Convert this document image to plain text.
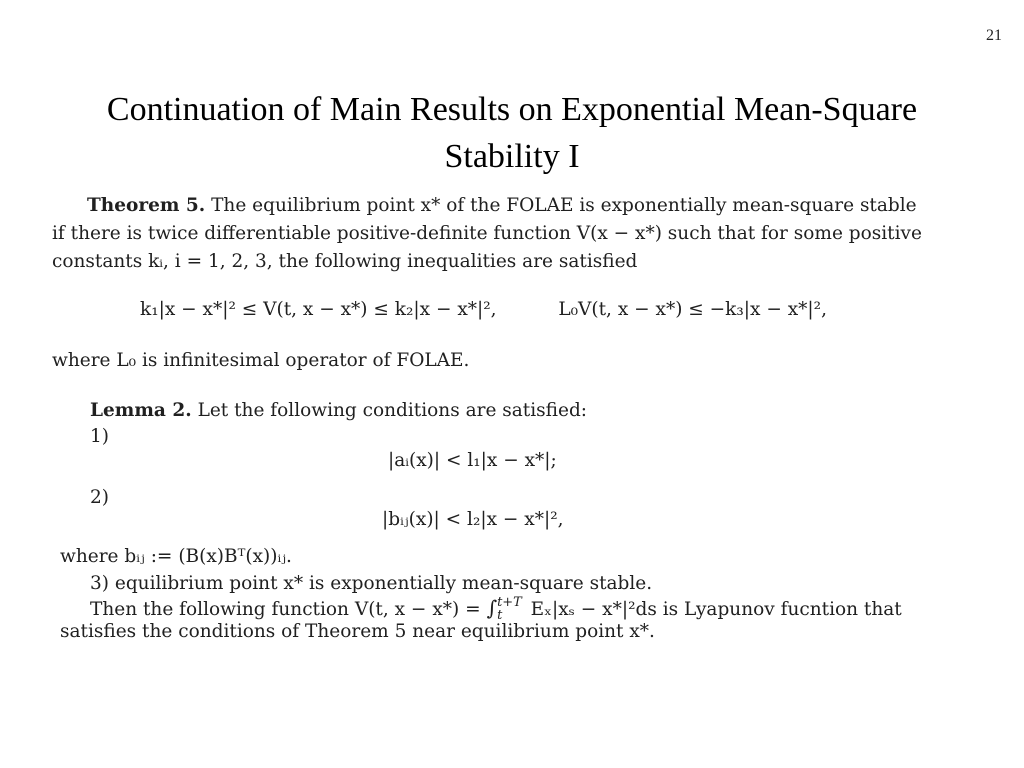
21
Continuation of Main Results on Exponential Mean-Square Stability I
Theorem 5. The equilibrium point x* of the FOLAE is exponentially mean-square stable
if there is twice differentiable positive-definite function V(x − x*) such that for some positive
constants kᵢ, i = 1, 2, 3, the following inequalities are satisfied
k₁|x − x*|² ≤ V(t, x − x*) ≤ k₂|x − x*|²,	L₀V(t, x − x*) ≤ −k₃|x − x*|²,
where L₀ is infinitesimal operator of FOLAE.
Lemma 2. Let the following conditions are satisfied:
1)
|aᵢ(x)| < l₁|x − x*|;
2)
|bᵢⱼ(x)| < l₂|x − x*|²,
where bᵢⱼ := (B(x)Bᵀ(x))ᵢⱼ.
3) equilibrium point x* is exponentially mean-square stable.
Then the following function V(t, x − x*) = ∫ t+T
t	Eₓ|xₛ − x*|²ds is Lyapunov fucntion that
satisfies the conditions of Theorem 5 near equilibrium point x*.
